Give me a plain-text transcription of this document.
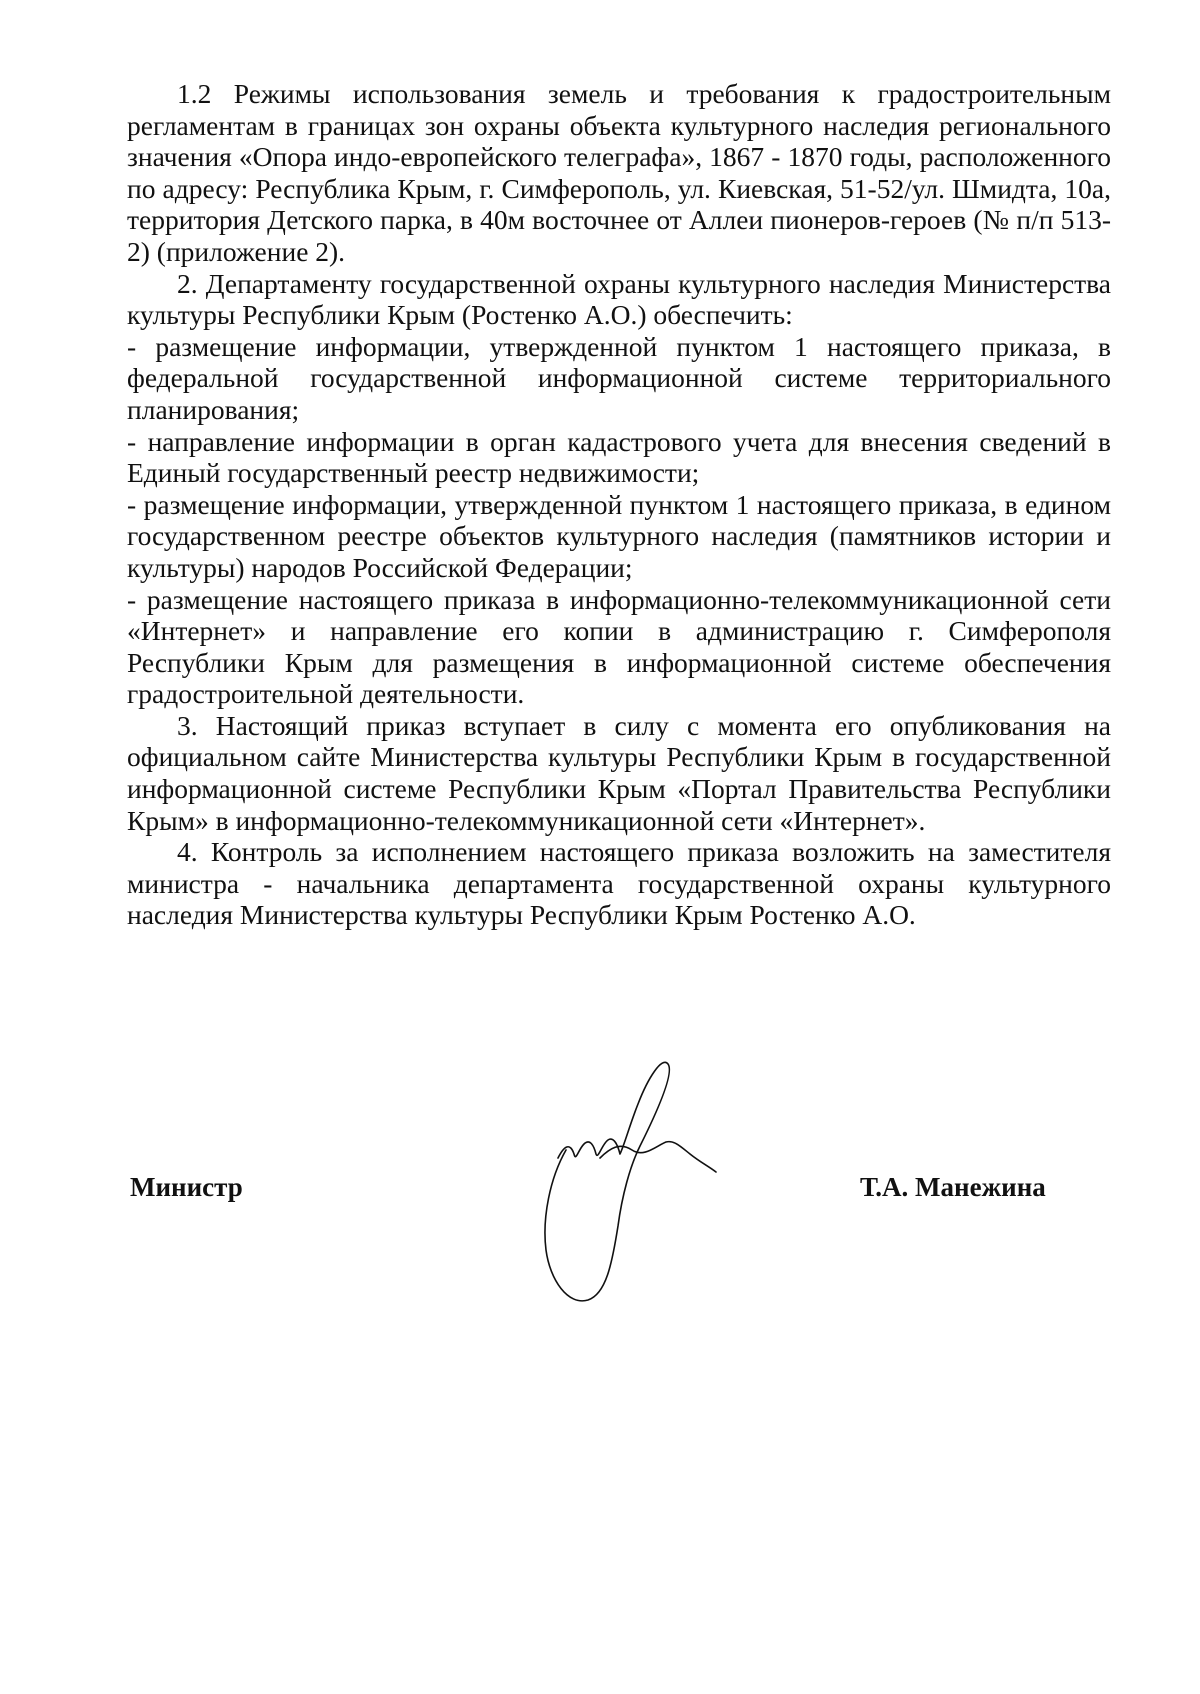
1.2 Режимы использования земель и требования к градостроительным регламентам в границах зон охраны объекта культурного наследия регионального значения «Опора индо-европейского телеграфа», 1867 - 1870 годы, расположенного по адресу: Республика Крым, г. Симферополь, ул. Киевская, 51-52/ул. Шмидта, 10а, территория Детского парка, в 40м восточнее от Аллеи пионеров-героев (№ п/п 513-2) (приложение 2).

2. Департаменту государственной охраны культурного наследия Министерства культуры Республики Крым (Ростенко А.О.) обеспечить:

- размещение информации, утвержденной пунктом 1 настоящего приказа, в федеральной государственной информационной системе территориального планирования;

- направление информации в орган кадастрового учета для внесения сведений в Единый государственный реестр недвижимости;

- размещение информации, утвержденной пунктом 1 настоящего приказа, в едином государственном реестре объектов культурного наследия (памятников истории и культуры) народов Российской Федерации;

- размещение настоящего приказа в информационно-телекоммуникационной сети «Интернет» и направление его копии в администрацию г. Симферополя Республики Крым для размещения в информационной системе обеспечения градостроительной деятельности.

3. Настоящий приказ вступает в силу с момента его опубликования на официальном сайте Министерства культуры Республики Крым в государственной информационной системе Республики Крым «Портал Правительства Республики Крым» в информационно-телекоммуникационной сети «Интернет».

4. Контроль за исполнением настоящего приказа возложить на заместителя министра - начальника департамента государственной охраны культурного наследия Министерства культуры Республики Крым Ростенко А.О.

Министр	Т.А. Манежина
